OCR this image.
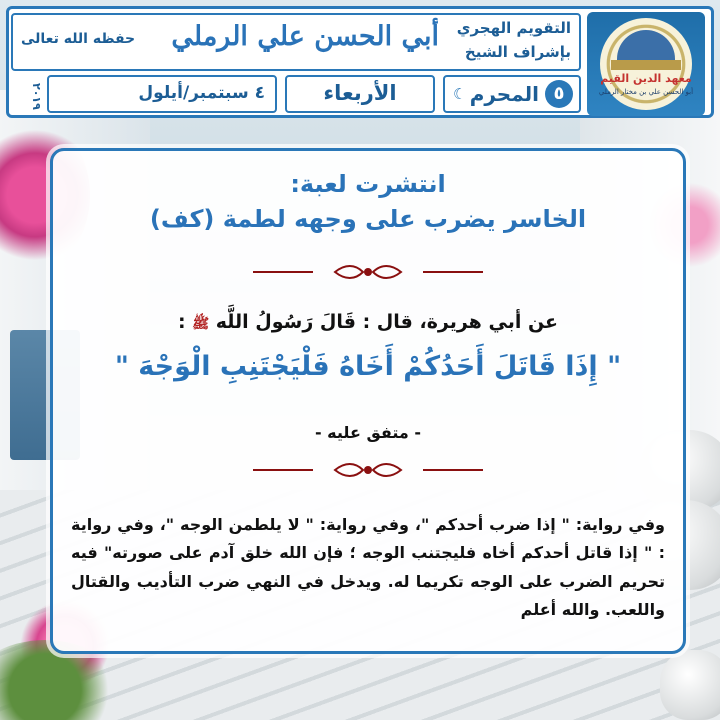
معهد الدين القيم
أبو الحسن علي بن مختار الرملي
التقويم الهجري
بإشراف الشيخ
أبي الحسن علي الرملي
حفظه الله تعالى
٥
المحرم
☾
الأربعاء
٤ سبتمبر/أيلول
٢٠١٩
انتشرت لعبة:
الخاسر يضرب على وجهه لطمة (كف)
عن أبي هريرة، قال : قَالَ رَسُولُ اللَّه ﷺ :
" إِذَا قَاتَلَ أَحَدُكُمْ أَخَاهُ فَلْيَجْتَنِبِ الْوَجْهَ "
- متفق عليه -
وفي رواية: " إذا ضرب أحدكم "، وفي رواية: " لا يلطمن الوجه "، وفي رواية : " إذا قاتل أحدكم أخاه فليجتنب الوجه ؛ فإن الله خلق آدم على صورته" فيه تحريم الضرب على الوجه تكريما له. ويدخل في النهي ضرب التأديب والقتال واللعب. والله أعلم
